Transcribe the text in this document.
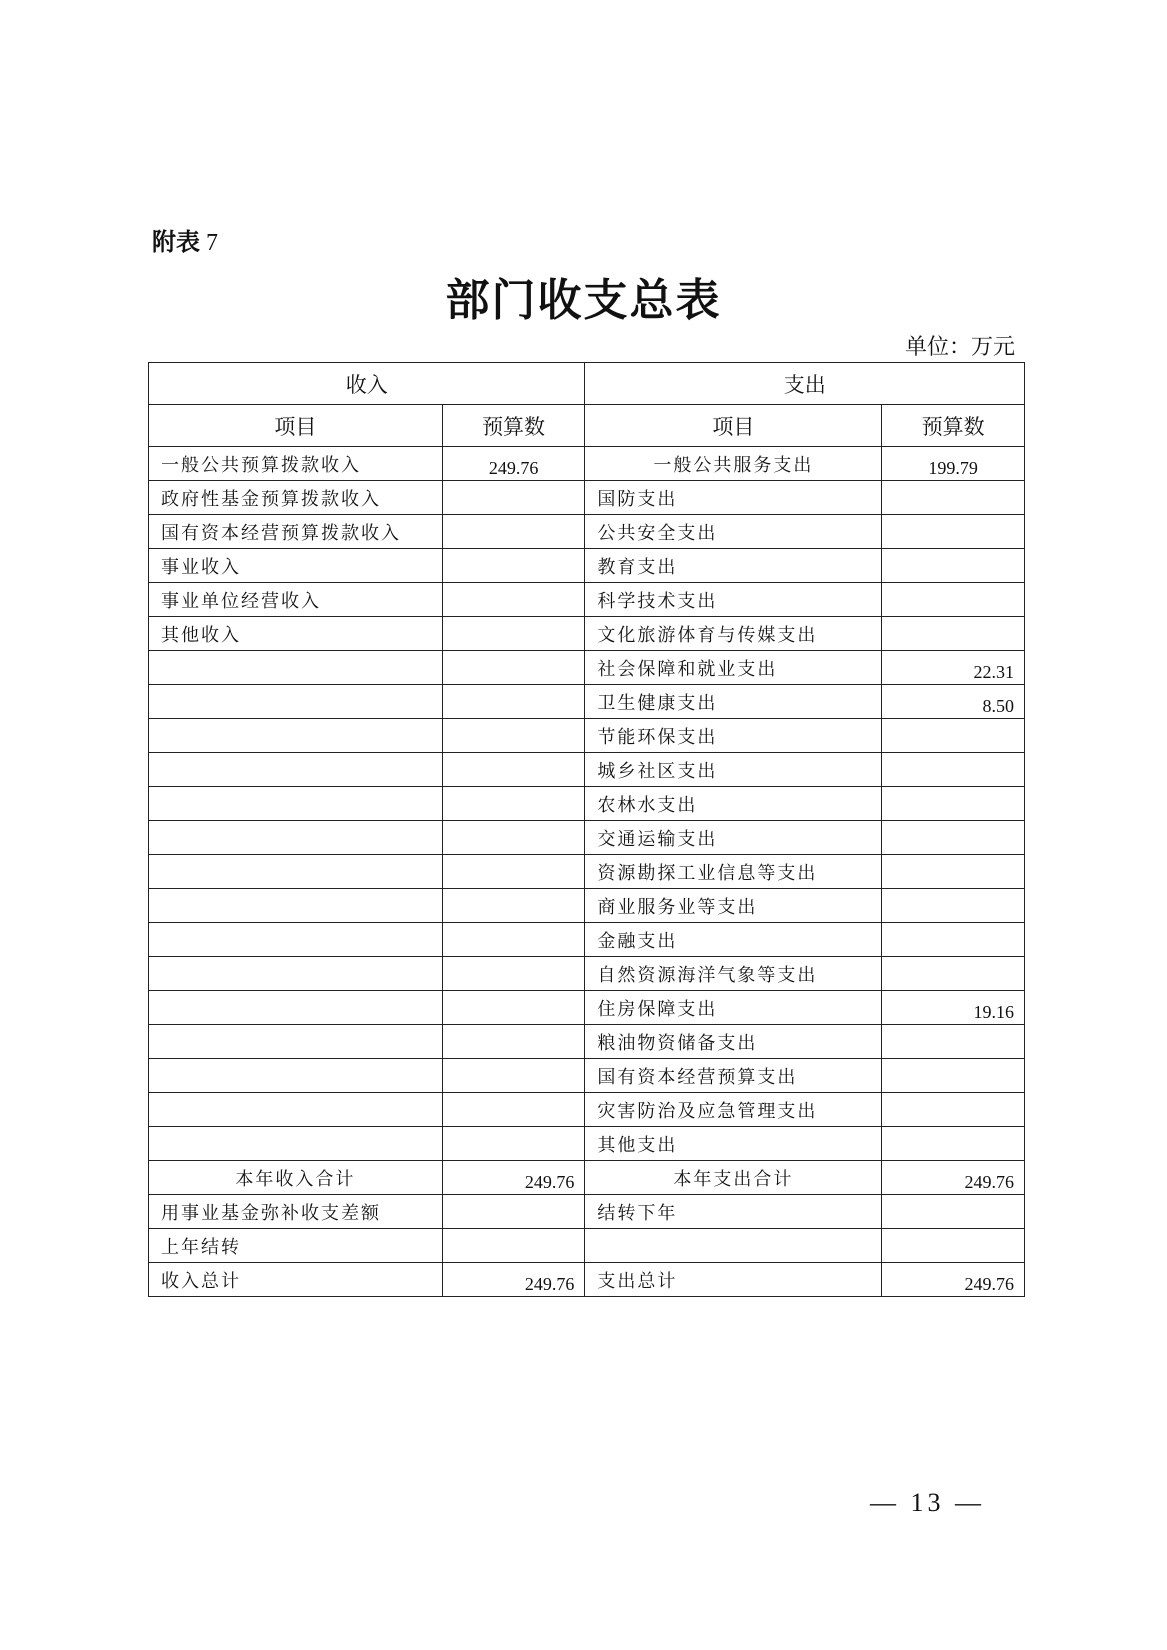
附表 7
部门收支总表
单位：万元
收入		支出	
项目	预算数	项目	预算数
一般公共预算拨款收入	249.76	一般公共服务支出	199.79
政府性基金预算拨款收入		国防支出	
国有资本经营预算拨款收入		公共安全支出	
事业收入		教育支出	
事业单位经营收入		科学技术支出	
其他收入		文化旅游体育与传媒支出	
		社会保障和就业支出	22.31
		卫生健康支出	8.50
		节能环保支出	
		城乡社区支出	
		农林水支出	
		交通运输支出	
		资源勘探工业信息等支出	
		商业服务业等支出	
		金融支出	
		自然资源海洋气象等支出	
		住房保障支出	19.16
		粮油物资储备支出	
		国有资本经营预算支出	
		灾害防治及应急管理支出	
		其他支出	
本年收入合计	249.76	本年支出合计	249.76
用事业基金弥补收支差额		结转下年	
上年结转			
收入总计	249.76	支出总计	249.76
— 13 —
